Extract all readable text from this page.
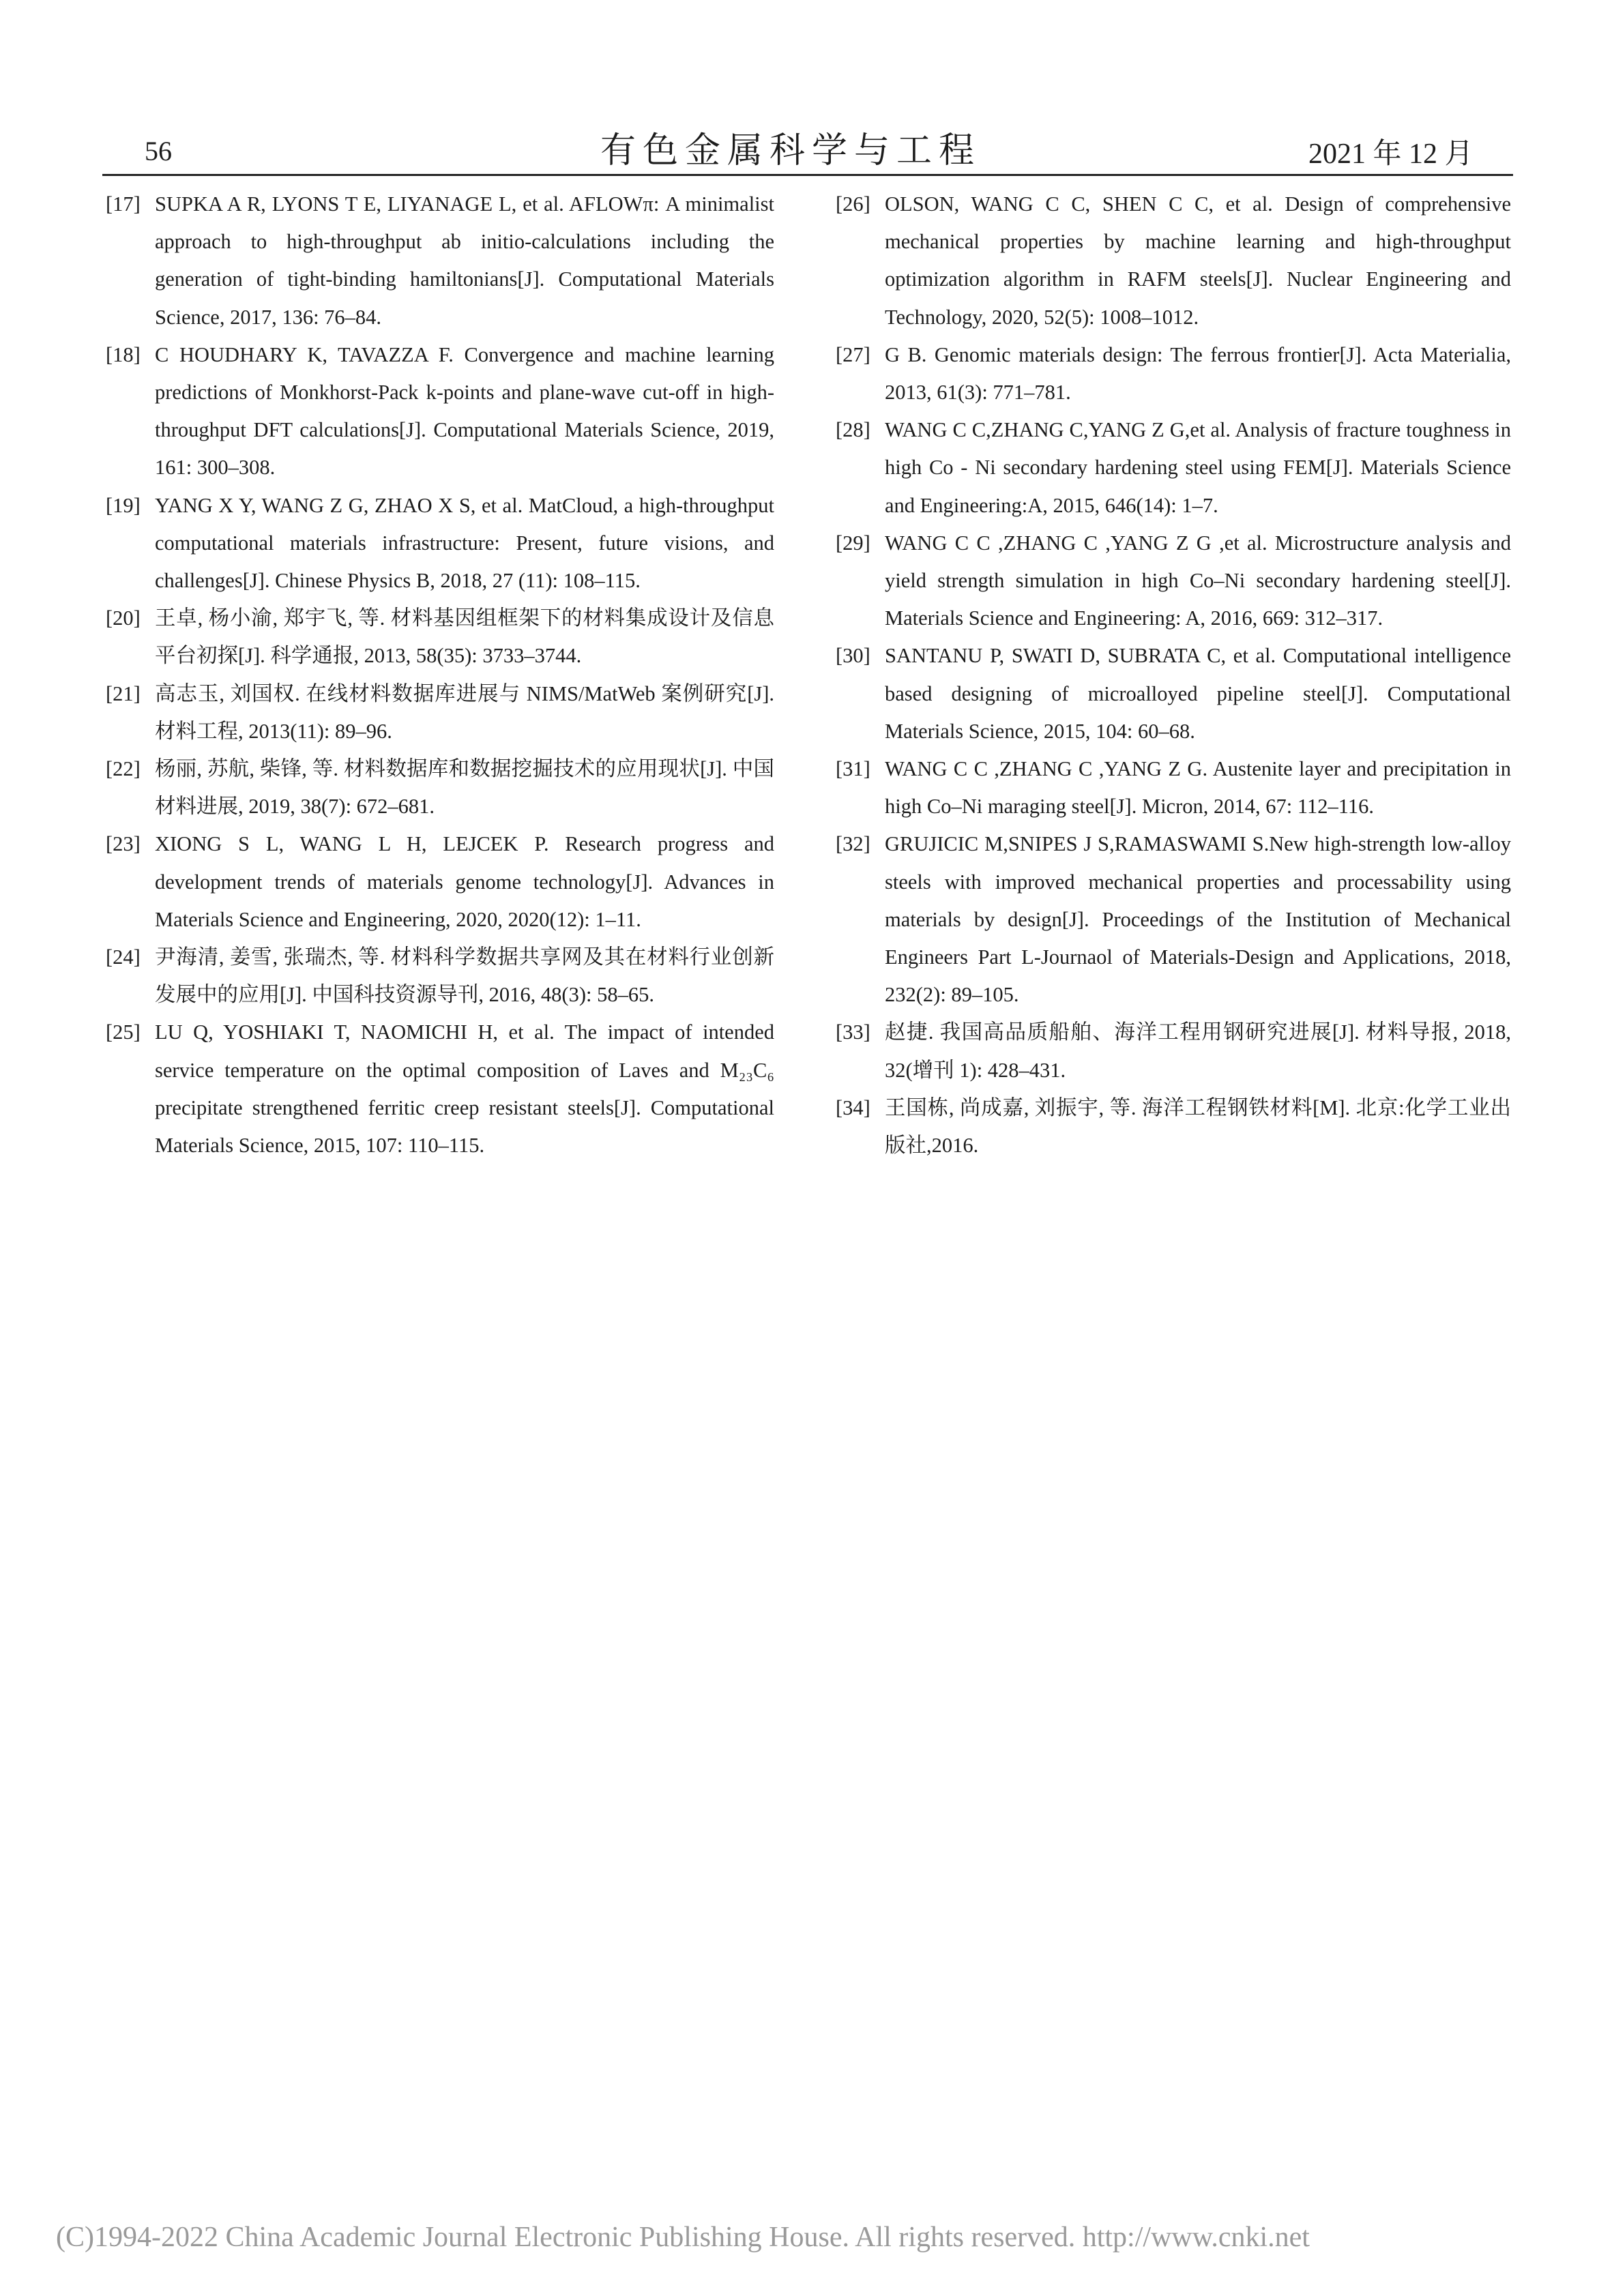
56	有色金属科学与工程	2021 年 12 月

[17] SUPKA A R, LYONS T E, LIYANAGE L, et al. AFLOWπ: A minimalist approach to high-throughput ab initio-calculations including the generation of tight-binding hamiltonians[J]. Computational Materials Science, 2017, 136: 76–84.

[18] C HOUDHARY K, TAVAZZA F. Convergence and machine learning predictions of Monkhorst-Pack k-points and plane-wave cut-off in high-throughput DFT calculations[J]. Computational Materials Science, 2019, 161: 300–308.

[19] YANG X Y, WANG Z G, ZHAO X S, et al. MatCloud, a high-throughput computational materials infrastructure: Present, future visions, and challenges[J]. Chinese Physics B, 2018, 27 (11): 108–115.

[20] 王卓, 杨小渝, 郑宇飞, 等. 材料基因组框架下的材料集成设计及信息平台初探[J]. 科学通报, 2013, 58(35): 3733–3744.

[21] 高志玉, 刘国权. 在线材料数据库进展与 NIMS/MatWeb 案例研究[J]. 材料工程, 2013(11): 89–96.

[22] 杨丽, 苏航, 柴锋, 等. 材料数据库和数据挖掘技术的应用现状[J]. 中国材料进展, 2019, 38(7): 672–681.

[23] XIONG S L, WANG L H, LEJCEK P. Research progress and development trends of materials genome technology[J]. Advances in Materials Science and Engineering, 2020, 2020(12): 1–11.

[24] 尹海清, 姜雪, 张瑞杰, 等. 材料科学数据共享网及其在材料行业创新发展中的应用[J]. 中国科技资源导刊, 2016, 48(3): 58–65.

[25] LU Q, YOSHIAKI T, NAOMICHI H, et al. The impact of intended service temperature on the optimal composition of Laves and M₂₃C₆ precipitate strengthened ferritic creep resistant steels[J]. Computational Materials Science, 2015, 107: 110–115.

[26] OLSON, WANG C C, SHEN C C, et al. Design of comprehensive mechanical properties by machine learning and high-throughput optimization algorithm in RAFM steels[J]. Nuclear Engineering and Technology, 2020, 52(5): 1008–1012.

[27] G B. Genomic materials design: The ferrous frontier[J]. Acta Materialia, 2013, 61(3): 771–781.

[28] WANG C C,ZHANG C,YANG Z G,et al. Analysis of fracture toughness in high Co - Ni secondary hardening steel using FEM[J]. Materials Science and Engineering:A, 2015, 646(14): 1–7.

[29] WANG C C ,ZHANG C ,YANG Z G ,et al. Microstructure analysis and yield strength simulation in high Co–Ni secondary hardening steel[J]. Materials Science and Engineering: A, 2016, 669: 312–317.

[30] SANTANU P, SWATI D, SUBRATA C, et al. Computational intelligence based designing of microalloyed pipeline steel[J]. Computational Materials Science, 2015, 104: 60–68.

[31] WANG C C ,ZHANG C ,YANG Z G. Austenite layer and precipitation in high Co–Ni maraging steel[J]. Micron, 2014, 67: 112–116.

[32] GRUJICIC M,SNIPES J S,RAMASWAMI S.New high-strength low-alloy steels with improved mechanical properties and processability using materials by design[J]. Proceedings of the Institution of Mechanical Engineers Part L-Journaol of Materials-Design and Applications, 2018, 232(2): 89–105.

[33] 赵捷. 我国高品质船舶、海洋工程用钢研究进展[J]. 材料导报, 2018, 32(增刊 1): 428–431.

[34] 王国栋, 尚成嘉, 刘振宇, 等. 海洋工程钢铁材料[M]. 北京:化学工业出版社,2016.

(C)1994-2022 China Academic Journal Electronic Publishing House. All rights reserved. http://www.cnki.net
